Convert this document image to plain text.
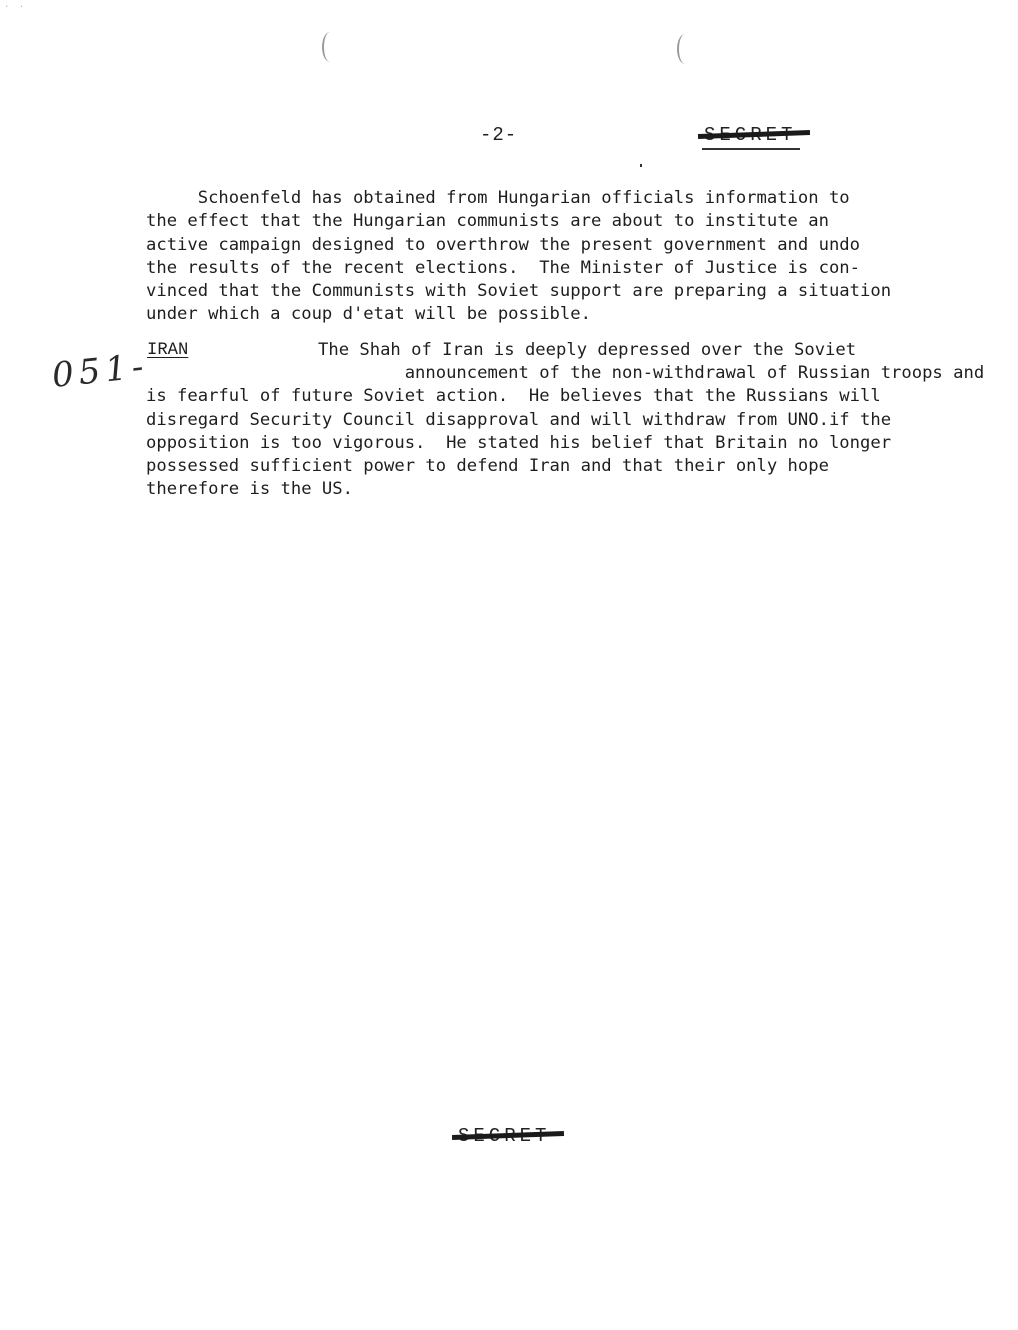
· ·
-2-
Schoenfeld has obtained from Hungarian officials information to
the effect that the Hungarian communists are about to institute an
active campaign designed to overthrow the present government and undo
the results of the recent elections.  The Minister of Justice is con-
vinced that the Communists with Soviet support are preparing a situation
under which a coup d'etat will be possible.
051-
IRAN	The Shah of Iran is deeply depressed over the Soviet
announcement of the non-withdrawal of Russian troops and
is fearful of future Soviet action.  He believes that the Russians will
disregard Security Council disapproval and will withdraw from UNO.if the
opposition is too vigorous.  He stated his belief that Britain no longer
possessed sufficient power to defend Iran and that their only hope
therefore is the US.
